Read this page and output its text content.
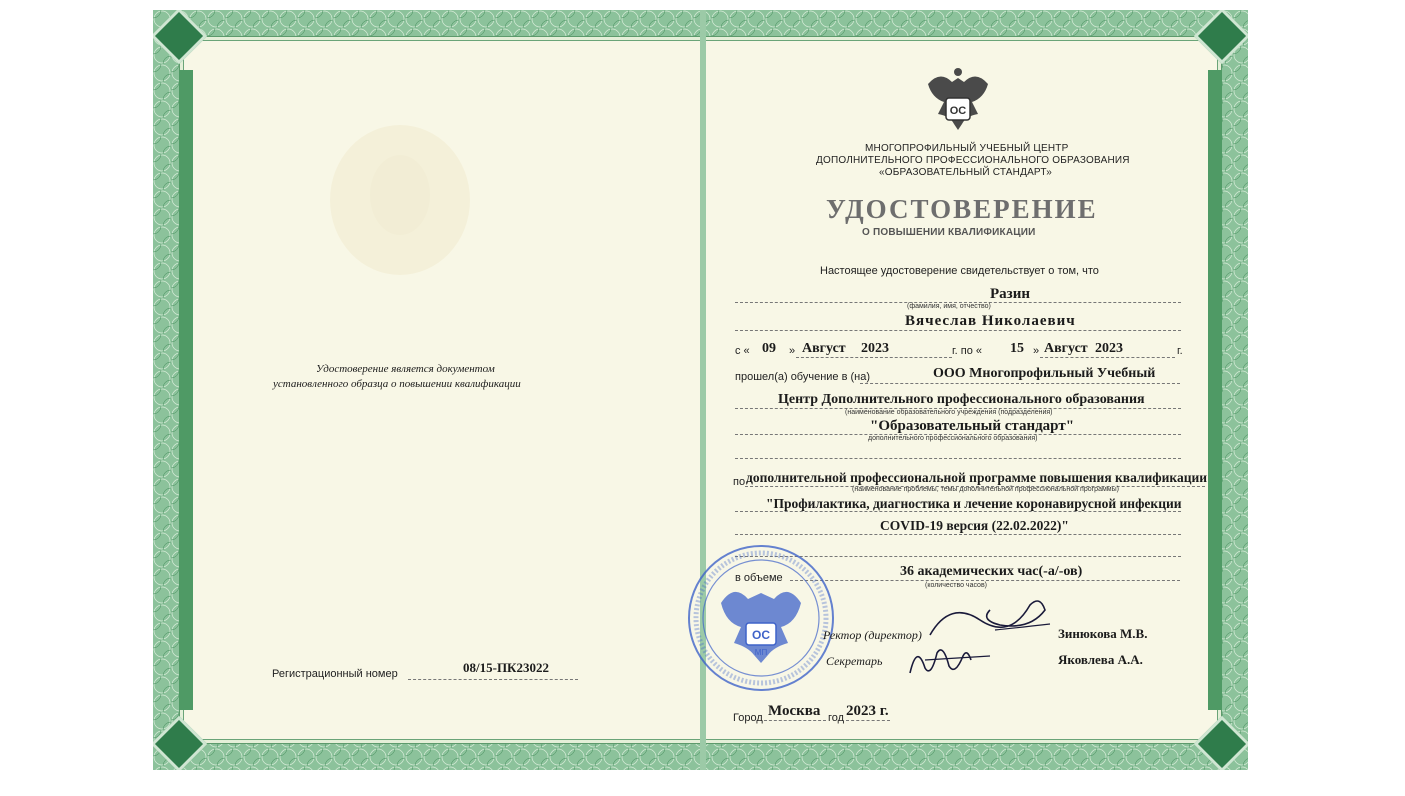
ОС
МНОГОПРОФИЛЬНЫЙ УЧЕБНЫЙ ЦЕНТР
ДОПОЛНИТЕЛЬНОГО ПРОФЕССИОНАЛЬНОГО ОБРАЗОВАНИЯ
«ОБРАЗОВАТЕЛЬНЫЙ СТАНДАРТ»
УДОСТОВЕРЕНИЕ
О ПОВЫШЕНИИ КВАЛИФИКАЦИИ
Удостоверение является документом
установленного образца о повышении квалификации
Регистрационный номер	08/15-ПК23022
Настоящее удостоверение свидетельствует о том, что
Разин
(фамилия, имя, отчество)
Вячеслав Николаевич
с « 09 » Август 2023	г. по « 15 » Август 2023	г.
прошел(а) обучение в (на)	ООО Многопрофильный Учебный
Центр Дополнительного профессионального образования
(наименование образовательного учреждения (подразделения)
"Образовательный стандарт"
дополнительного профессионального образования)
по дополнительной профессиональной программе повышения квалификации
(наименование проблемы, темы дополнительной профессиональной программы)
"Профилактика, диагностика и лечение коронавирусной инфекции
COVID-19 версия (22.02.2022)"
в объеме	36 академических час(-а/-ов)
(количество часов)
ОС
МП
Ректор (директор)	Зинюкова М.В.
Секретарь	Яковлева А.А.
Город Москва год 2023 г.
